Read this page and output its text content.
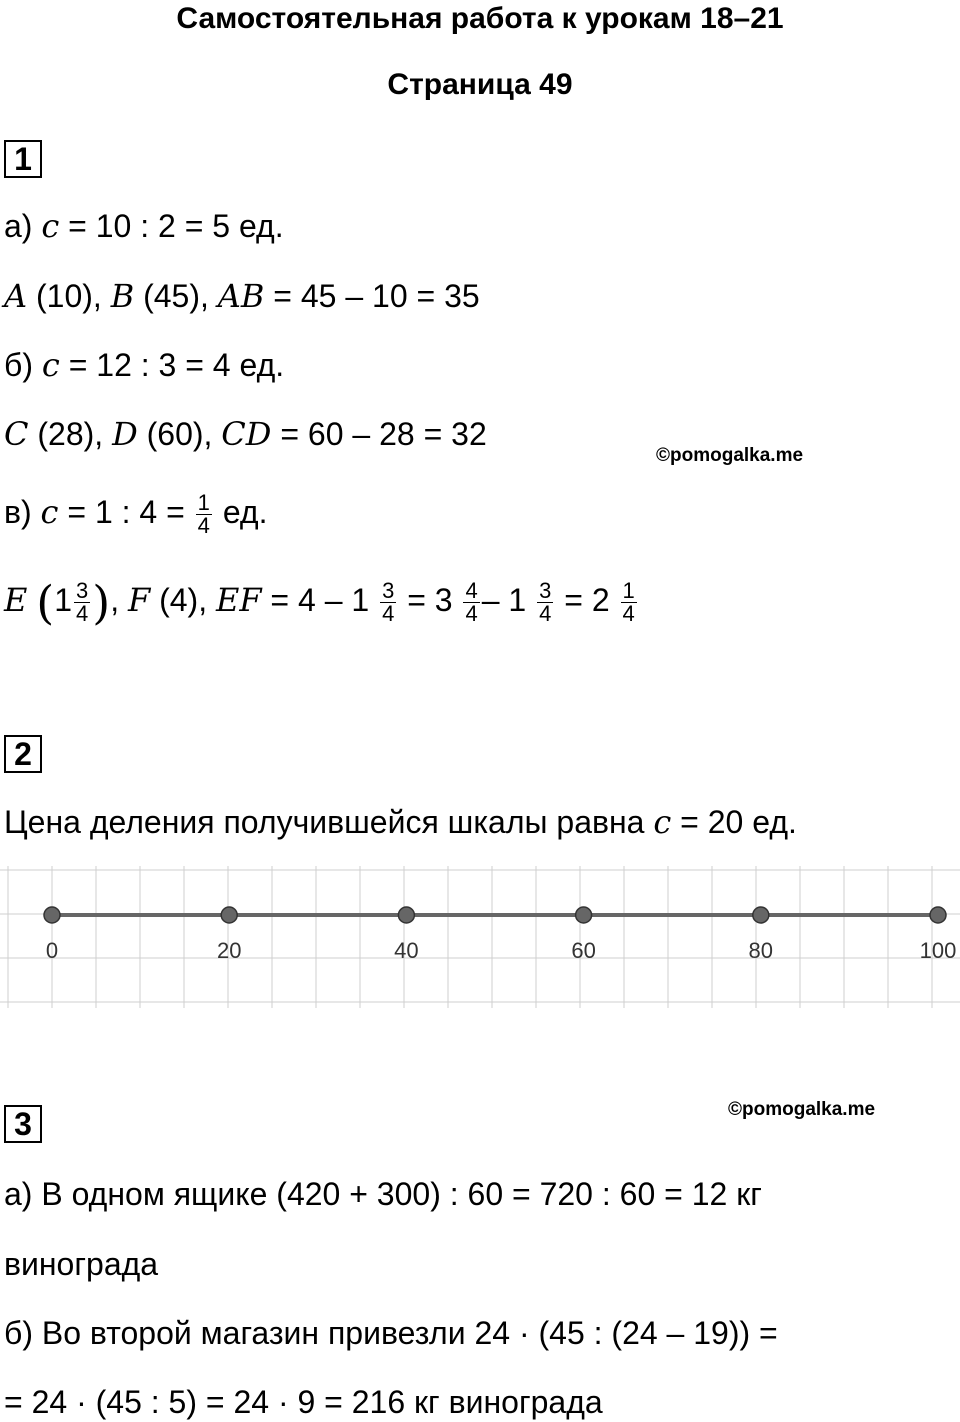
Самостоятельная работа к урокам 18–21
Страница 49
1
а) c = 10 : 2 = 5 ед.
A (10), B (45), AB = 45 – 10 = 35
б) c = 12 : 3 = 4 ед.
C (28), D (60), CD = 60 – 28 = 32
©pomogalka.me
в) c = 1 : $4 = \frac{1}{4}$ ед.
E ($1 \frac{3}{4}$ ), F (4), EF = $4 - 1 \frac{3}{4} = 3 \frac{4}{4} - 1 \frac{3}{4} = 2 \frac{1}{4}$
2
Цена деления получившейся шкалы равна c = 20 ед.
0	20	40	60	80	100
©pomogalka.me
3
а) В одном ящике (420 + 300) : 60 = 720 : 60 = 12 кг
винограда
б) Во второй магазин привезли 24 · (45 : (24 – 19)) =
= 24 · (45 : 5) = 24 · 9 = 216 кг винограда
